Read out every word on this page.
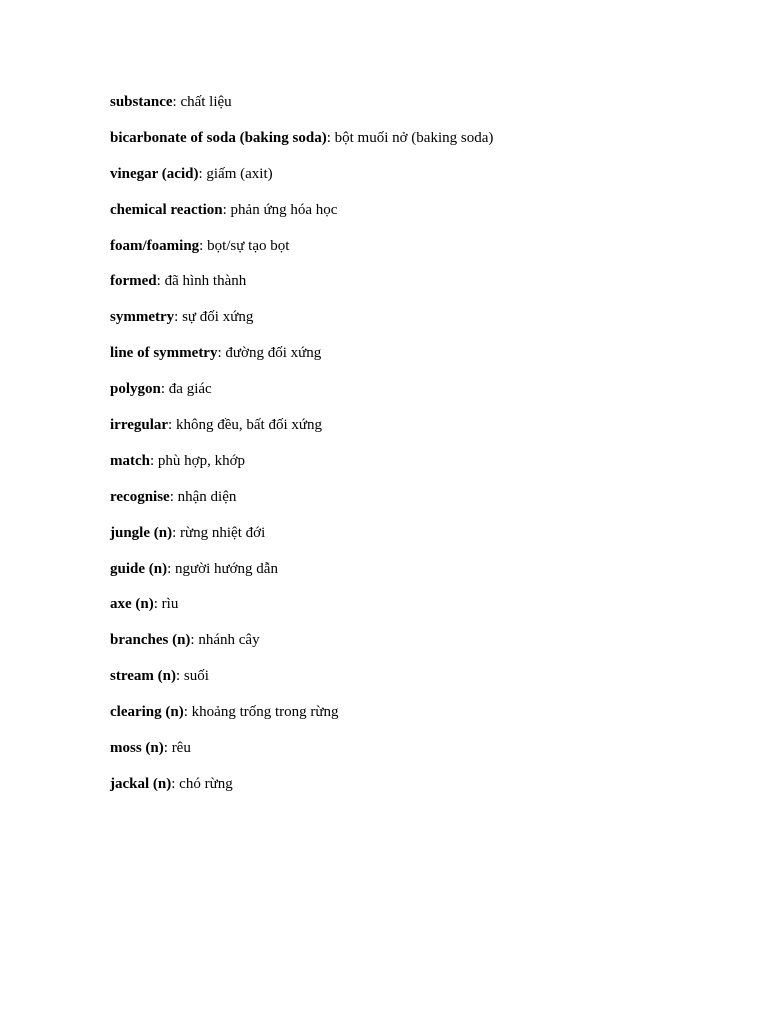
substance: chất liệu
bicarbonate of soda (baking soda): bột muối nở (baking soda)
vinegar (acid): giấm (axit)
chemical reaction: phản ứng hóa học
foam/foaming: bọt/sự tạo bọt
formed: đã hình thành
symmetry: sự đối xứng
line of symmetry: đường đối xứng
polygon: đa giác
irregular: không đều, bất đối xứng
match: phù hợp, khớp
recognise: nhận diện
jungle (n): rừng nhiệt đới
guide (n): người hướng dẫn
axe (n): rìu
branches (n): nhánh cây
stream (n): suối
clearing (n): khoảng trống trong rừng
moss (n): rêu
jackal (n): chó rừng
